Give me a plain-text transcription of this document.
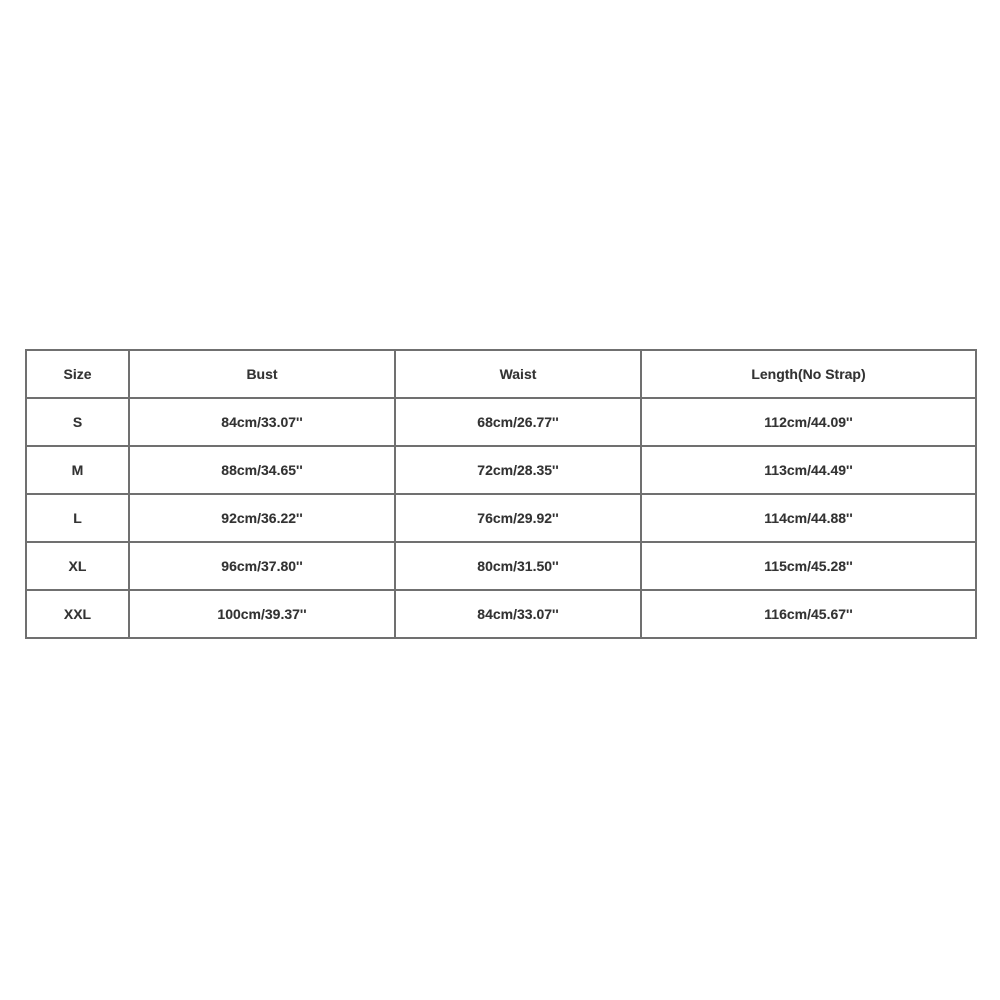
Size	Bust	Waist	Length(No Strap)
S	84cm/33.07''	68cm/26.77''	112cm/44.09''
M	88cm/34.65''	72cm/28.35''	113cm/44.49''
L	92cm/36.22''	76cm/29.92''	114cm/44.88''
XL	96cm/37.80''	80cm/31.50''	115cm/45.28''
XXL	100cm/39.37''	84cm/33.07''	116cm/45.67''
